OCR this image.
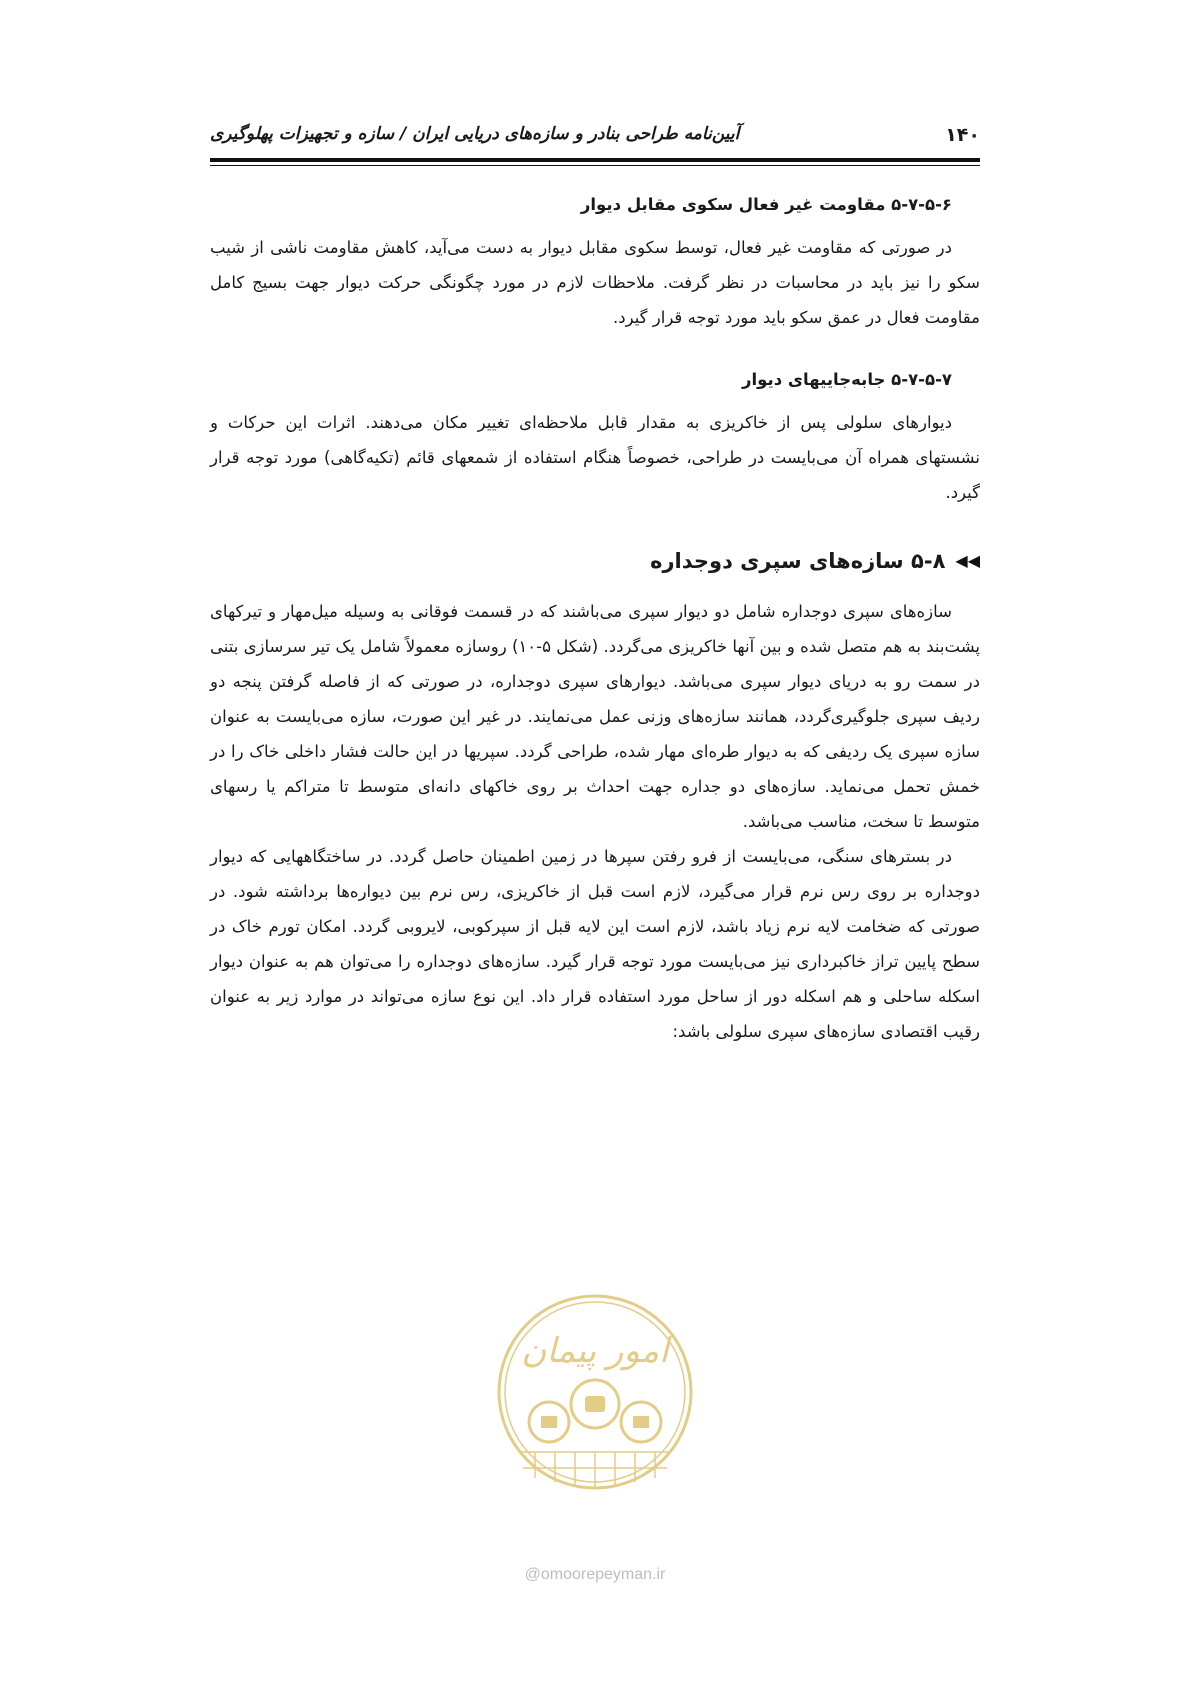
۱۴۰
آیین‌نامه طراحی بنادر و سازه‌های دریایی ایران / سازه و تجهیزات پهلوگیری
۵-۷-۵-۶ مقاومت غیر فعال سکوی مقابل دیوار

در صورتی که مقاومت غیر فعال، توسط سکوی مقابل دیوار به دست می‌آید، کاهش مقاومت ناشی از شیب سکو را نیز باید در محاسبات در نظر گرفت. ملاحظات لازم در مورد چگونگی حرکت دیوار جهت بسیج کامل مقاومت فعال در عمق سکو باید مورد توجه قرار گیرد.

۵-۷-۵-۷ جابه‌جاییهای دیوار

دیوارهای سلولی پس از خاکریزی به مقدار قابل ملاحظه‌ای تغییر مکان می‌دهند. اثرات این حرکات و نشستهای همراه آن می‌بایست در طراحی، خصوصاً هنگام استفاده از شمعهای قائم (تکیه‌گاهی) مورد توجه قرار گیرد.

◀◀
۵-۸ سازه‌های سپری دوجداره

سازه‌های سپری دوجداره شامل دو دیوار سپری می‌باشند که در قسمت فوقانی به وسیله میل‌مهار و تیرکهای پشت‌بند به هم متصل شده و بین آنها خاکریزی می‌گردد. (شکل ۵-۱۰) روسازه معمولاً شامل یک تیر سرسازی بتنی در سمت رو به دریای دیوار سپری می‌باشد. دیوارهای سپری دوجداره، در صورتی که از فاصله گرفتن پنجه دو ردیف سپری جلوگیری‌گردد، همانند سازه‌های وزنی عمل می‌نمایند. در غیر این صورت، سازه می‌بایست به عنوان سازه سپری یک ردیفی که به دیوار طره‌ای مهار شده، طراحی گردد. سپریها در این حالت فشار داخلی خاک را در خمش تحمل می‌نماید. سازه‌های دو جداره جهت احداث بر روی خاکهای دانه‌ای متوسط تا متراکم یا رسهای متوسط تا سخت، مناسب می‌باشد.

در بسترهای سنگی، می‌بایست از فرو رفتن سپرها در زمین اطمینان حاصل گردد. در ساختگاههایی که دیوار دوجداره بر روی رس نرم قرار می‌گیرد، لازم است قبل از خاکریزی، رس نرم بین دیواره‌ها برداشته شود. در صورتی که ضخامت لایه نرم زیاد باشد، لازم است این لایه قبل از سپرکوبی، لایروبی گردد. امکان تورم خاک در سطح پایین تراز خاکبرداری نیز می‌بایست مورد توجه قرار گیرد. سازه‌های دوجداره را می‌توان هم به عنوان دیوار اسکله ساحلی و هم اسکله دور از ساحل مورد استفاده قرار داد. این نوع سازه می‌تواند در موارد زیر به عنوان رقیب اقتصادی سازه‌های سپری سلولی باشد:

امور پیمان
@omoorepeyman.ir
